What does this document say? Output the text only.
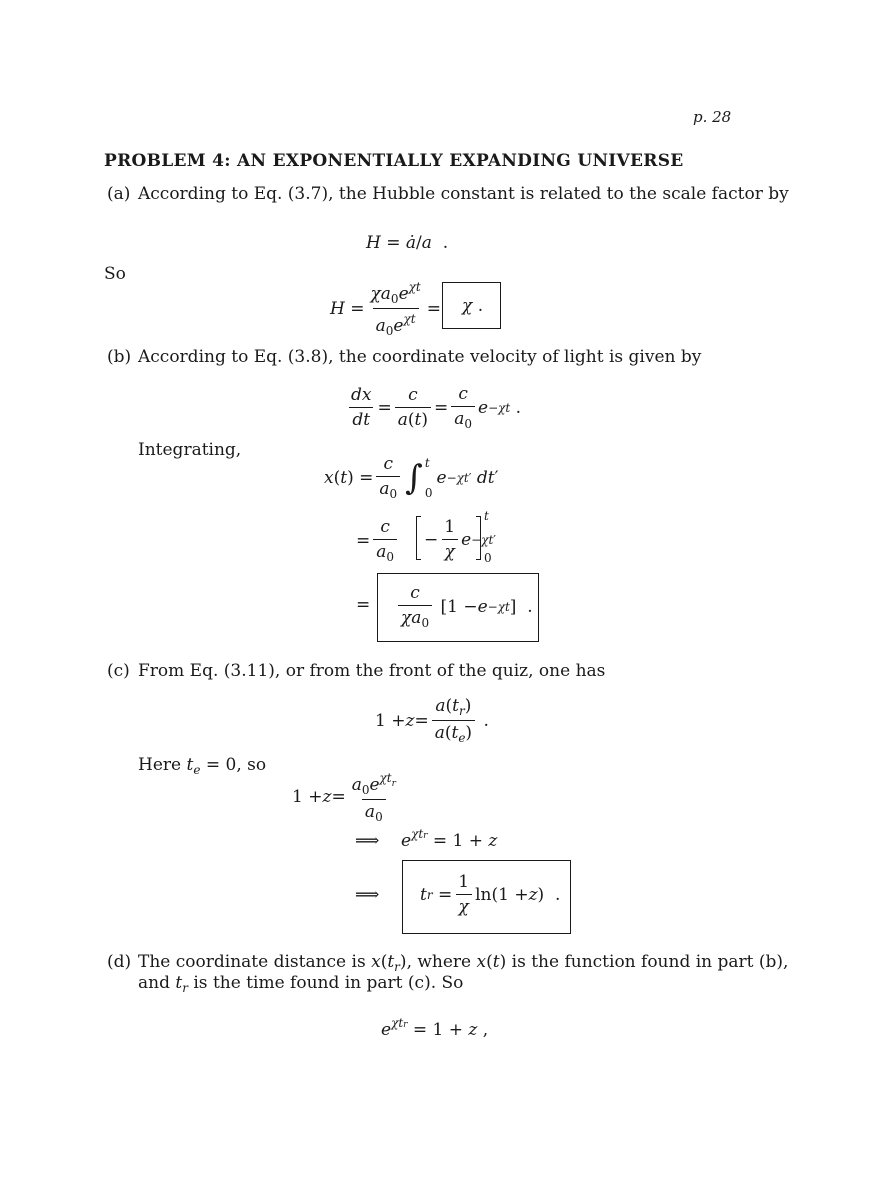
p. 28
PROBLEM 4: AN EXPONENTIALLY EXPANDING UNIVERSE
(a) According to Eq. (3.7), the Hubble constant is related to the scale factor by
H = ȧ/a  .
So
$H = \frac{\chi a_0e^{\chi t}}{a_0e^{\chi t}} = \chi$ .
(b) According to Eq. (3.8), the coordinate velocity of light is given by
$\frac{dx}{dt} = \frac{c}{a(t)} = \frac{c}{a_0}$ e −χt .
Integrating,
x ( t ) = $\frac{c}{a_0}$ ∫ t
0
e −χt′
dt ′
= $\frac{c}{a_0} - \frac{1}{\chi}$ e −χt′
t
0
= $\frac{c}{\chi a_0} [1 - e -\chi t$ ]  .
(c) From Eq. (3.11), or from the front of the quiz, one has
$1 + z = \frac{a(t_r)}{a(t_e)}$ .
Here $t_e = 0$, so
$1 + z = \frac{a_0e^{\chi t_r}}{a_0}$
⟹    $e^{\chi tr} = 1 + z$
⟹ t $r = \frac{1}{\chi} \ln(1 + z$ )  .
(d) The coordinate distance is $x(t_r)$, where x(t) is the function found in part (b),
and $t_r$ is the time found in part (c). So
$e^{\chi tr} = 1 + z$ ,
